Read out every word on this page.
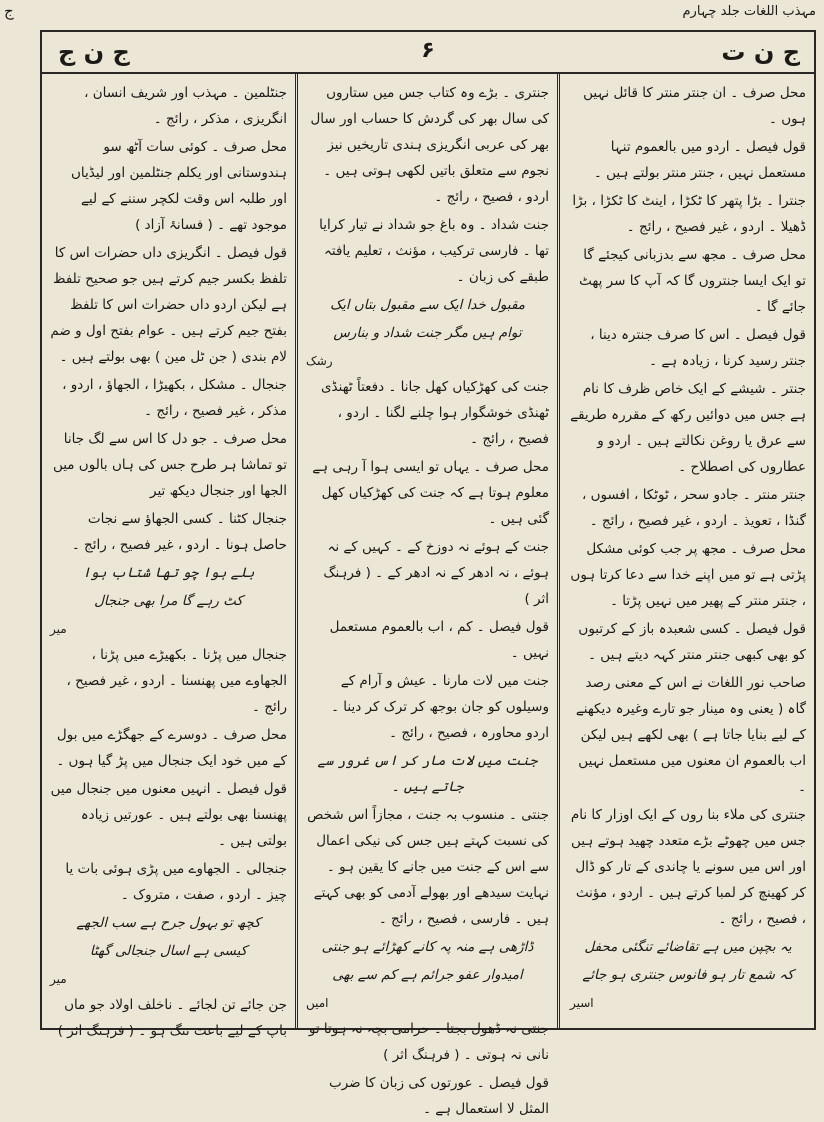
مہذب اللغات جلد چہارم
ج ن ت
۶
ج ن ج

محل صرف ۔ ان جنتر منتر کا قائل نہیں ہوں ۔

قول فیصل ۔ اردو میں بالعموم تنہا مستعمل نہیں ، جنتر منتر بولتے ہیں ۔

جنترا ۔ بڑا پتھر کا ٹکڑا ، اینٹ کا ٹکڑا ، بڑا ڈھیلا ۔ اردو ، غیر فصیح ، رائج ۔

محل صرف ۔ مجھ سے بدزبانی کیجئے گا تو ایک ایسا جنتروں گا کہ آپ کا سر پھٹ جائے گا ۔

قول فیصل ۔ اس کا صرف جنترہ دینا ، جنتر رسید کرنا ، زیادہ ہے ۔

جنتر ۔ شیشے کے ایک خاص ظرف کا نام ہے جس میں دوائیں رکھ کے مقررہ طریقے سے عرق یا روغن نکالتے ہیں ۔ اردو و عطاروں کی اصطلاح ۔

جنتر منتر ۔ جادو سحر ، ٹوٹکا ، افسوں ، گنڈا ، تعویذ ۔ اردو ، غیر فصیح ، رائج ۔

محل صرف ۔ مجھ پر جب کوئی مشکل پڑتی ہے تو میں اپنے خدا سے دعا کرتا ہوں ، جنتر منتر کے پھیر میں نہیں پڑتا ۔

قول فیصل ۔ کسی شعبدہ باز کے کرتبوں کو بھی کبھی جنتر منتر کہہ دیتے ہیں ۔

صاحب نور اللغات نے اس کے معنی رصد گاہ ( یعنی وہ مینار جو تارے وغیرہ دیکھنے کے لیے بنایا جاتا ہے ) بھی لکھے ہیں لیکن اب بالعموم ان معنوں میں مستعمل نہیں ۔

جنتری کی ملاء بنا روں کے ایک اوزار کا نام جس میں چھوٹے بڑے متعدد چھید ہوتے ہیں اور اس میں سونے یا چاندی کے تار کو ڈال کر کھینچ کر لمبا کرتے ہیں ۔ اردو ، مؤنث ، فصیح ، رائج ۔

یہ بچپن میں ہے تقاضائے تنگئی محفل
کہ شمع تار ہو فانوس جنتری ہو جائے
اسیر

جنتری ۔ بڑے وہ کتاب جس میں ستاروں کی سال بھر کی گردش کا حساب اور سال بھر کی عربی انگریزی ہندی تاریخیں نیز نجوم سے متعلق باتیں لکھی ہوتی ہیں ۔ اردو ، فصیح ، رائج ۔

جنت شداد ۔ وہ باغ جو شداد نے تیار کرایا تھا ۔ فارسی ترکیب ، مؤنث ، تعلیم یافتہ طبقے کی زبان ۔

مقبول خدا ایک سے مقبول بتاں ایک
توام ہیں مگر جنت شداد و بنارس
رشک

جنت کی کھڑکیاں کھل جانا ۔ دفعتاً ٹھنڈی ٹھنڈی خوشگوار ہوا چلنے لگنا ۔ اردو ، فصیح ، رائج ۔

محل صرف ۔ یہاں تو ایسی ہوا آ رہی ہے معلوم ہوتا ہے کہ جنت کی کھڑکیاں کھل گئی ہیں ۔

جنت کے ہوئے نہ دوزخ کے ۔ کہیں کے نہ ہوئے ، نہ ادھر کے نہ ادھر کے ۔ ( فرہنگ اثر )

قول فیصل ۔ کم ، اب بالعموم مستعمل نہیں ۔

جنت میں لات مارنا ۔ عیش و آرام کے وسیلوں کو جان بوجھ کر ترک کر دینا ۔ اردو محاورہ ، فصیح ، رائج ۔

جنت میں لات مار کر اس غرور سے جاتے ہیں ۔

جنتی ۔ منسوب بہ جنت ، مجازاً اس شخص کی نسبت کہتے ہیں جس کی نیکی اعمال سے اس کے جنت میں جانے کا یقین ہو ۔ نہایت سیدھے اور بھولے آدمی کو بھی کہتے ہیں ۔ فارسی ، فصیح ، رائج ۔

ڈاڑھی ہے منہ پہ کانے کھڑائے ہو جنتی
امیدوار عفو جرائم ہے کم سے بھی
امیں

جنتی نہ ڈھول بجتا ۔ حرامی بچہ نہ ہوتا تو نانی نہ ہوتی ۔ ( فرہنگ اثر )

قول فیصل ۔ عورتوں کی زبان کا ضرب المثل لا استعمال ہے ۔

جنٹلمین ۔ مہذب اور شریف انسان ، انگریزی ، مذکر ، رائج ۔

محل صرف ۔ کوئی سات آٹھ سو ہندوستانی اور یکلم جنٹلمین اور لیڈیاں اور طلبہ اس وقت لکچر سننے کے لیے موجود تھے ۔ ( فسانۂ آزاد )

قول فیصل ۔ انگریزی داں حضرات اس کا تلفظ بکسر جیم کرتے ہیں جو صحیح تلفظ ہے لیکن اردو داں حضرات اس کا تلفظ بفتح جیم کرتے ہیں ۔ عوام بفتح اول و ضم لام بندی ( جن ٹل مین ) بھی بولتے ہیں ۔

جنجال ۔ مشکل ، بکھیڑا ، الجھاؤ ، اردو ، مذکر ، غیر فصیح ، رائج ۔

محل صرف ۔ جو دل کا اس سے لگ جانا تو تماشا ہر طرح جس کی ہاں بالوں میں الجھا اور جنجال دیکھ تیر

جنجال کٹنا ۔ کسی الجھاؤ سے نجات حاصل ہونا ۔ اردو ، غیر فصیح ، رائج ۔

بلے ہوا چو تھا شتاب ہوا
کٹ رہے گا مرا بھی جنجال
میر

جنجال میں پڑنا ۔ بکھیڑے میں پڑنا ، الجھاوے میں پھنسنا ۔ اردو ، غیر فصیح ، رائج ۔

محل صرف ۔ دوسرے کے جھگڑے میں بول کے میں خود ایک جنجال میں پڑ گیا ہوں ۔

قول فیصل ۔ انہیں معنوں میں جنجال میں پھنسنا بھی بولتے ہیں ۔ عورتیں زیادہ بولتی ہیں ۔

جنجالی ۔ الجھاوے میں پڑی ہوئی بات یا چیز ۔ اردو ، صفت ، متروک ۔

کچھ تو بہول جرح ہے سب الجھے
کیسی ہے اسال جنجالی گھٹا
میر

جن جائے تن لجائے ۔ ناخلف اولاد جو ماں باپ کے لیے باعث ننگ ہو ۔ ( فرہنگ اثر )

ج
